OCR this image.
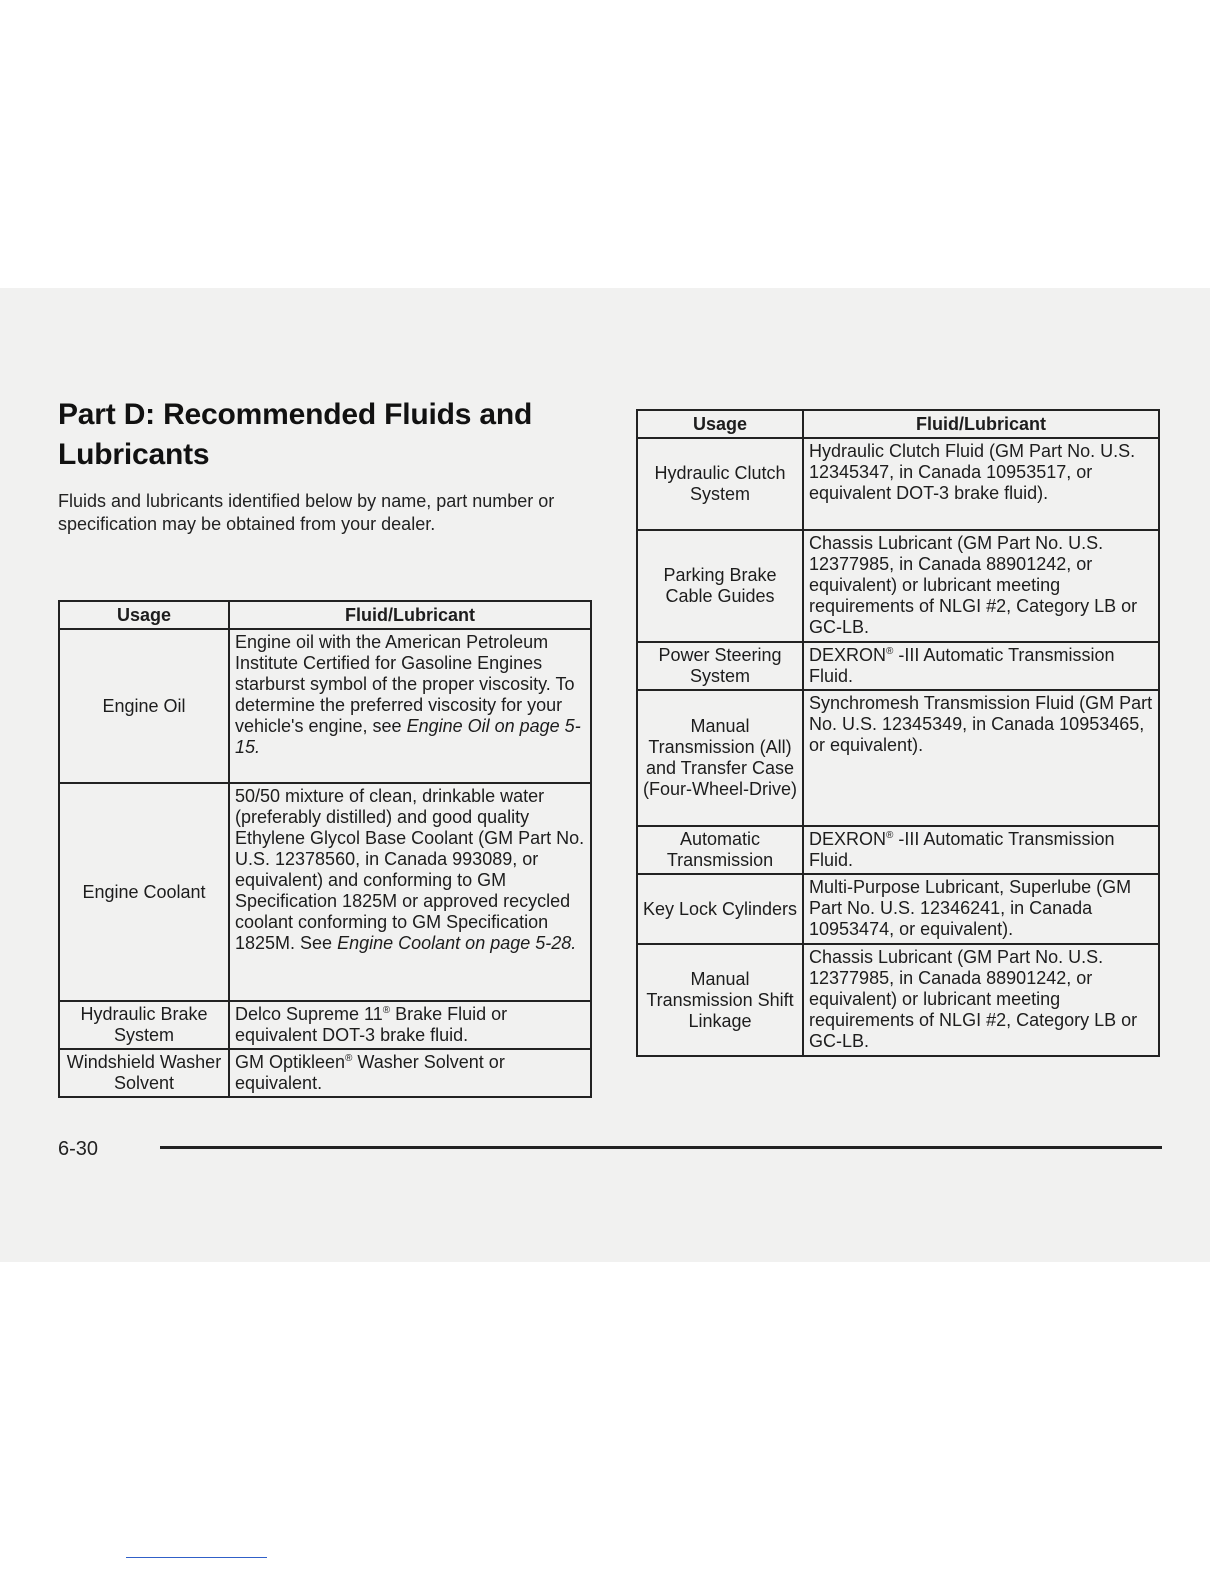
Part D: Recommended Fluids and Lubricants

Fluids and lubricants identified below by name, part number or specification may be obtained from your dealer.

Usage	Fluid/Lubricant
Engine Oil	Engine oil with the American Petroleum Institute Certified for Gasoline Engines starburst symbol of the proper viscosity. To determine the preferred viscosity for your vehicle's engine, see Engine Oil on page 5-15.
Engine Coolant	50/50 mixture of clean, drinkable water (preferably distilled) and good quality Ethylene Glycol Base Coolant (GM Part No. U.S. 12378560, in Canada 993089, or equivalent) and conforming to GM Specification 1825M or approved recycled coolant conforming to GM Specification 1825M. See Engine Coolant on page 5-28.
Hydraulic Brake System	Delco Supreme 11® Brake Fluid or equivalent DOT-3 brake fluid.
Windshield Washer Solvent	GM Optikleen® Washer Solvent or equivalent.
Usage	Fluid/Lubricant
Hydraulic Clutch System	Hydraulic Clutch Fluid (GM Part No. U.S. 12345347, in Canada 10953517, or equivalent DOT-3 brake fluid).
Parking Brake Cable Guides	Chassis Lubricant (GM Part No. U.S. 12377985, in Canada 88901242, or equivalent) or lubricant meeting requirements of NLGI #2, Category LB or GC-LB.
Power Steering System	DEXRON® -III Automatic Transmission Fluid.
Manual Transmission (All) and Transfer Case (Four-Wheel-Drive)	Synchromesh Transmission Fluid (GM Part No. U.S. 12345349, in Canada 10953465, or equivalent).
Automatic Transmission	DEXRON® -III Automatic Transmission Fluid.
Key Lock Cylinders	Multi-Purpose Lubricant, Superlube (GM Part No. U.S. 12346241, in Canada 10953474, or equivalent).
Manual Transmission Shift Linkage	Chassis Lubricant (GM Part No. U.S. 12377985, in Canada 88901242, or equivalent) or lubricant meeting requirements of NLGI #2, Category LB or GC-LB.
6-30
